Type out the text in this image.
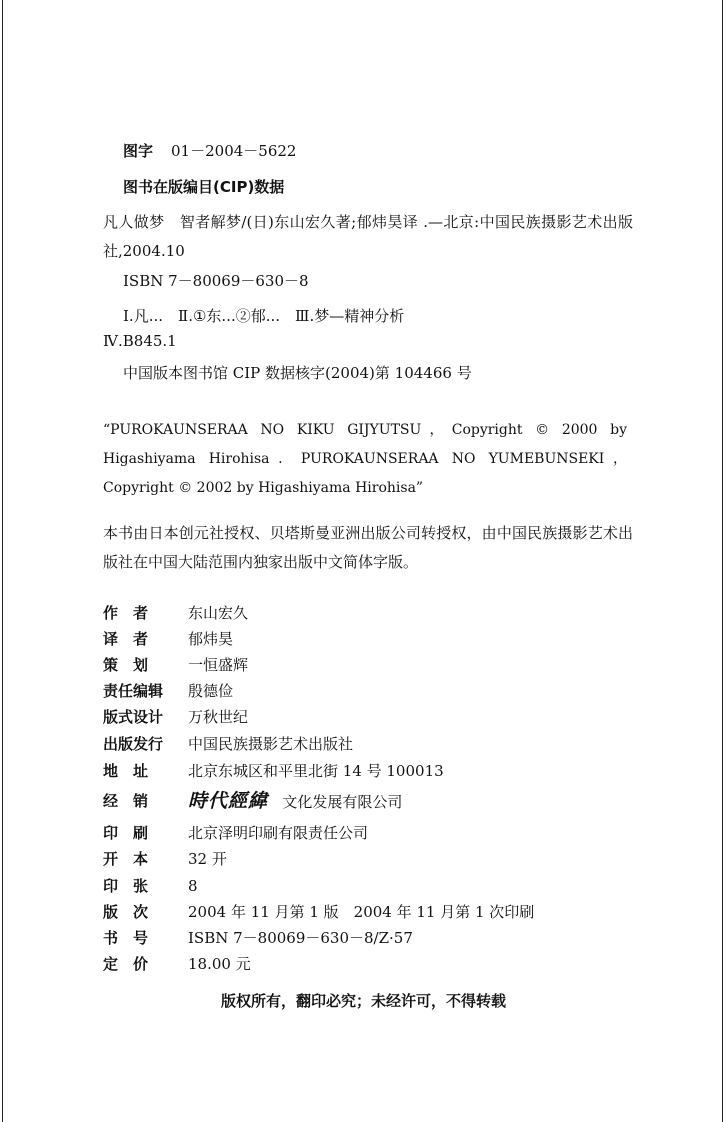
图字 01－2004－5622
图书在版编目(CIP)数据
凡人做梦　智者解梦/(日)东山宏久著;郁炜昊译 .—北京:中国民族摄影艺术出版社,2004.10
ISBN 7－80069－630－8
Ⅰ.凡...　Ⅱ.①东...②郁...　Ⅲ.梦—精神分析
Ⅳ.B845.1
中国版本图书馆 CIP 数据核字(2004)第 104466 号
“PUROKAUNSERAA NO KIKU GIJYUTSU，Copyright © 2000 by Higashiyama Hirohisa．PUROKAUNSERAA NO YUMEBUNSEKI，Copyright © 2002 by Higashiyama Hirohisa”
本书由日本创元社授权、贝塔斯曼亚洲出版公司转授权，由中国民族摄影艺术出版社在中国大陆范围内独家出版中文简体字版。
作　者	东山宏久
译　者	郁炜昊
策　划	一恒盛辉
责任编辑	殷德俭
版式设计	万秋世纪
出版发行	中国民族摄影艺术出版社
地　址	北京东城区和平里北街 14 号 100013
经　销	時代經緯 文化发展有限公司
印　刷	北京泽明印刷有限责任公司
开　本	32 开
印　张	8
版　次	2004 年 11 月第 1 版　2004 年 11 月第 1 次印刷
书　号	ISBN 7－80069－630－8/Z·57
定　价	18.00 元
版权所有，翻印必究；未经许可，不得转载
